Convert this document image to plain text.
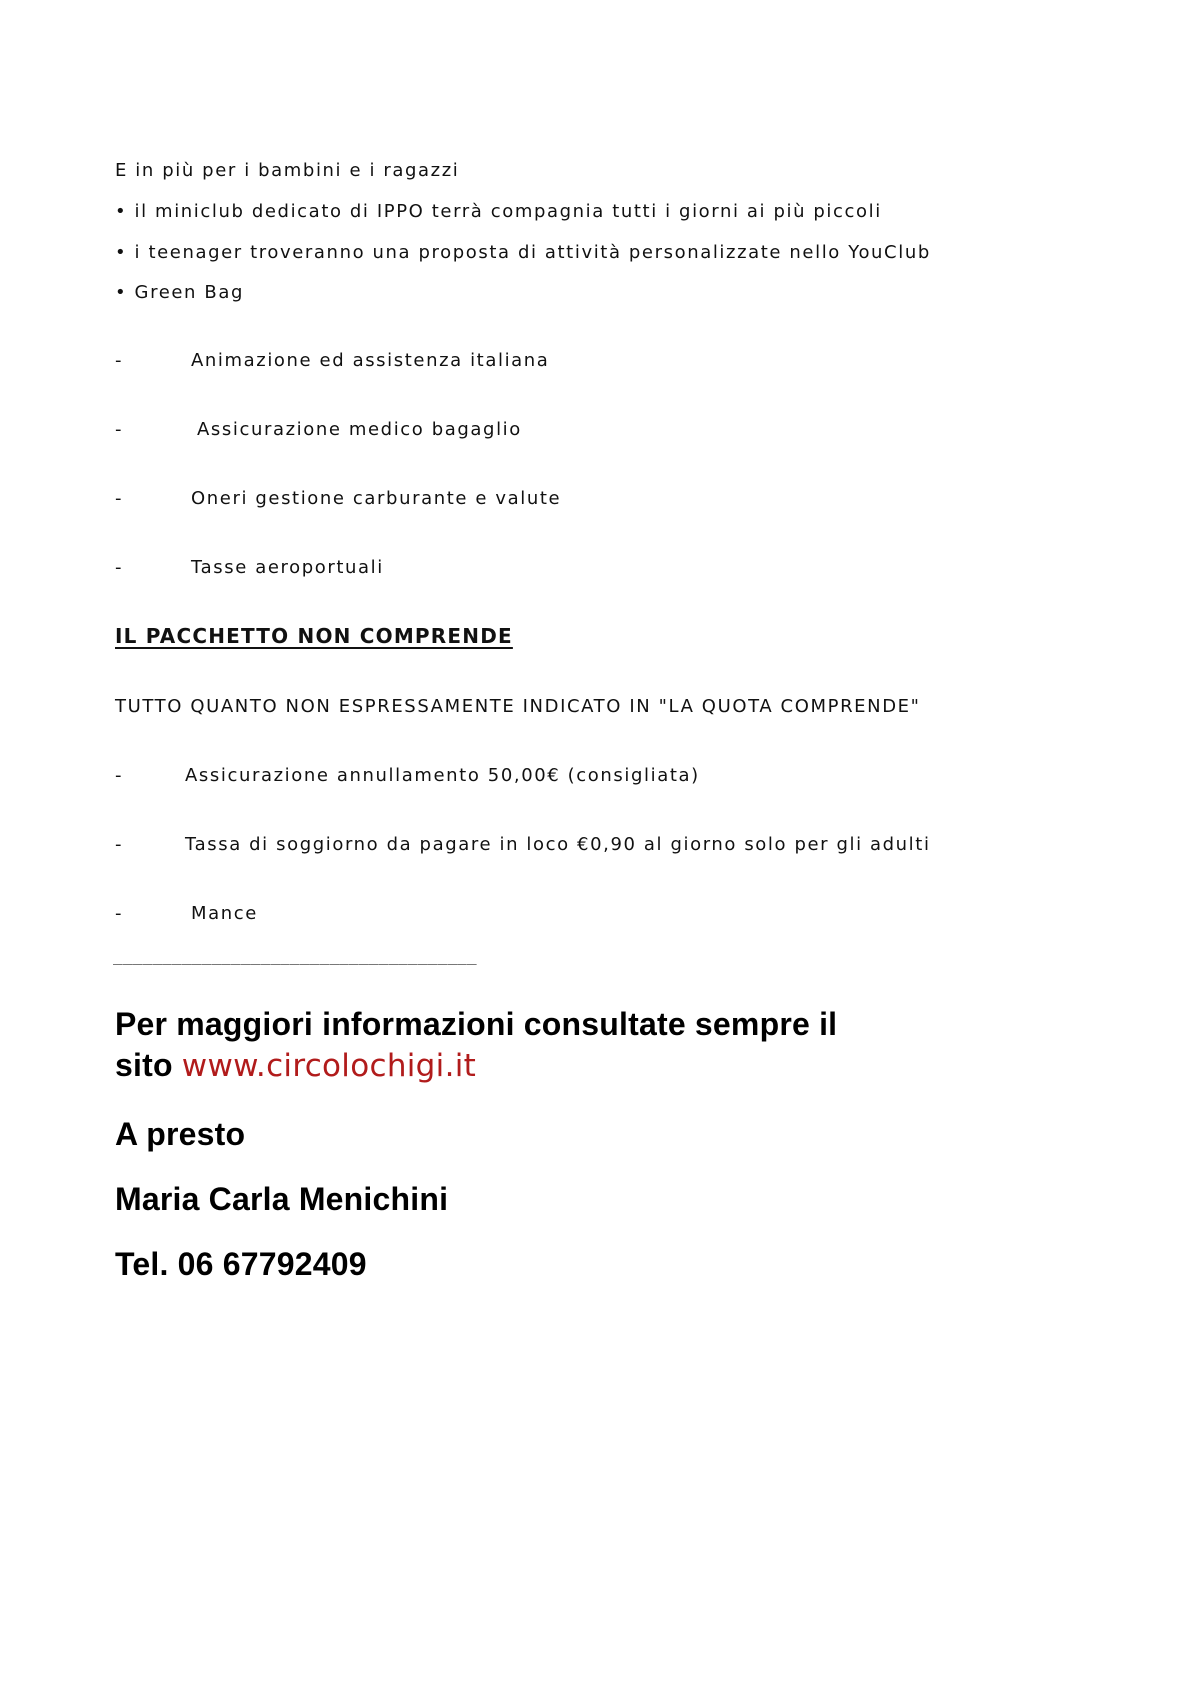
E in più per i bambini e i ragazzi
• il miniclub dedicato di IPPO terrà compagnia tutti i giorni ai più piccoli
• i teenager troveranno una proposta di attività personalizzate nello YouClub
• Green Bag
-	Animazione ed assistenza italiana
-	Assicurazione medico bagaglio
-	Oneri gestione carburante e valute
-	Tasse aeroportuali
IL PACCHETTO NON COMPRENDE
TUTTO QUANTO NON ESPRESSAMENTE INDICATO IN "LA QUOTA COMPRENDE"
-	Assicurazione annullamento 50,00€ (consigliata)
-	Tassa di soggiorno da pagare in loco €0,90 al giorno solo per gli adulti
-	Mance
_____________________________________
Per maggiori informazioni consultate sempre il
sito www.circolochigi.it
A presto
Maria Carla Menichini
Tel. 06 67792409
